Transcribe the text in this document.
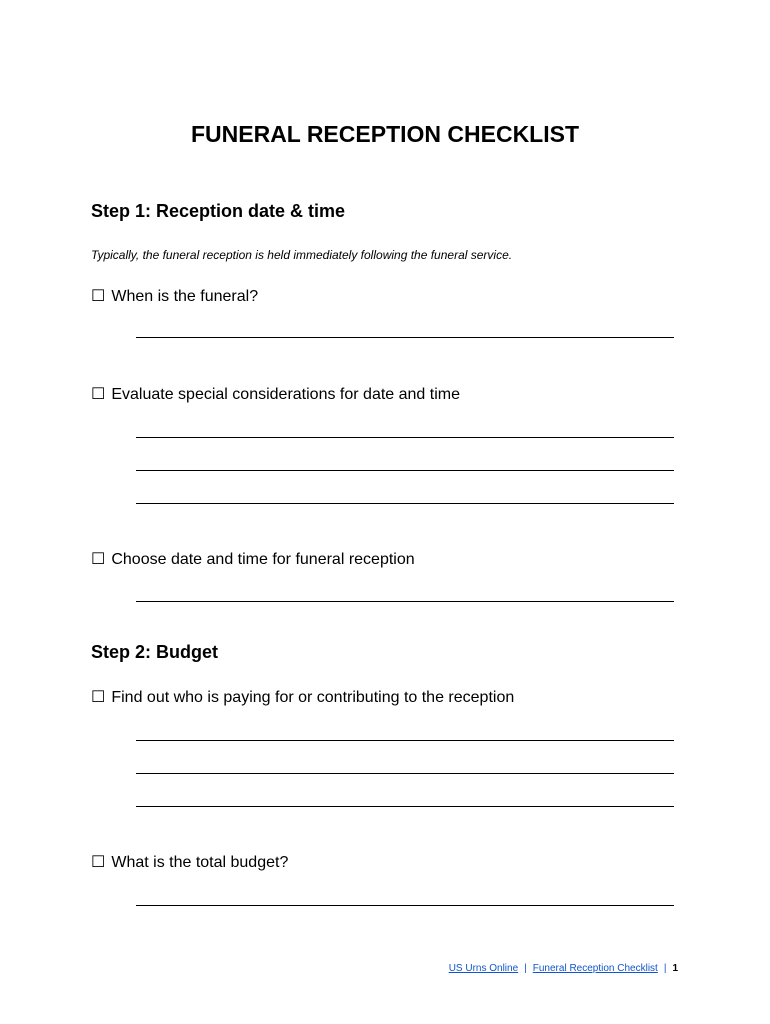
FUNERAL RECEPTION CHECKLIST
Step 1: Reception date & time
Typically, the funeral reception is held immediately following the funeral service.
☐ When is the funeral?
☐ Evaluate special considerations for date and time
☐ Choose date and time for funeral reception
Step 2: Budget
☐ Find out who is paying for or contributing to the reception
☐ What is the total budget?
US Urns Online | Funeral Reception Checklist | 1
